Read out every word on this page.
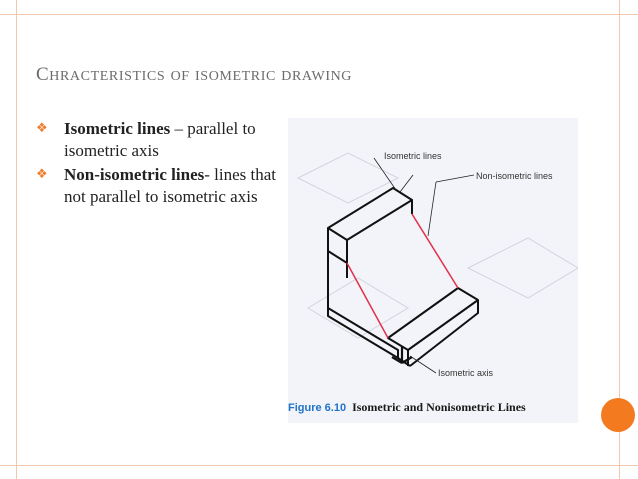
CHRACTERISTICS OF ISOMETRIC DRAWING
❖ Isometric lines – parallel to isometric axis
❖ Non-isometric lines- lines that not parallel to isometric axis
Isometric lines
Non-isometric lines
Isometric axis
Figure 6.10 Isometric and Nonisometric Lines
